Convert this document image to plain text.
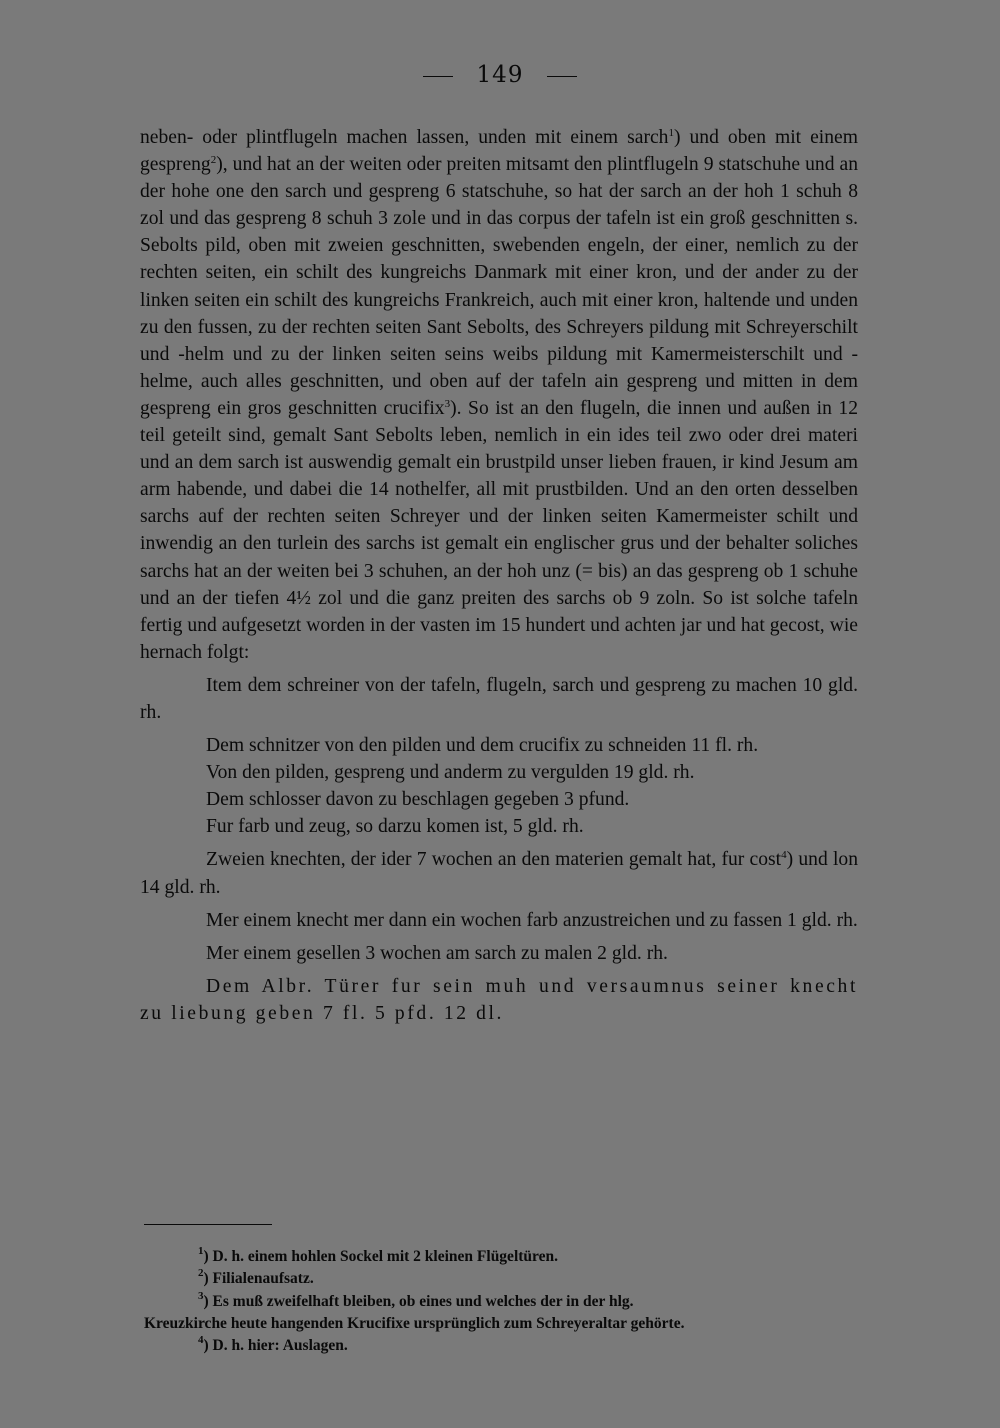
149

neben- oder plintflugeln machen lassen, unden mit einem sarch$^1$) und oben mit einem gespreng$^2$), und hat an der weiten oder preiten mitsamt den plintflugeln 9 statschuhe und an der hohe one den sarch und gespreng 6 statschuhe, so hat der sarch an der hoh 1 schuh 8 zol und das gespreng 8 schuh 3 zole und in das corpus der tafeln ist ein groß geschnitten s. Sebolts pild, oben mit zweien geschnitten, swebenden engeln, der einer, nemlich zu der rechten seiten, ein schilt des kungreichs Danmark mit einer kron, und der ander zu der linken seiten ein schilt des kungreichs Frankreich, auch mit einer kron, haltende und unden zu den fussen, zu der rechten seiten Sant Sebolts, des Schreyers pildung mit Schreyerschilt und -helm und zu der linken seiten seins weibs pildung mit Kamermeisterschilt und -helme, auch alles geschnitten, und oben auf der tafeln ain gespreng und mitten in dem gespreng ein gros geschnitten crucifix$^3$). So ist an den flugeln, die innen und außen in 12 teil geteilt sind, gemalt Sant Sebolts leben, nemlich in ein ides teil zwo oder drei materi und an dem sarch ist auswendig gemalt ein brustpild unser lieben frauen, ir kind Jesum am arm habende, und dabei die 14 nothelfer, all mit prustbilden. Und an den orten desselben sarchs auf der rechten seiten Schreyer und der linken seiten Kamermeister schilt und inwendig an den turlein des sarchs ist gemalt ein englischer grus und der behalter soliches sarchs hat an der weiten bei 3 schuhen, an der hoh unz (= bis) an das gespreng ob 1 schuhe und an der tiefen 4½ zol und die ganz preiten des sarchs ob 9 zoln. So ist solche tafeln fertig und aufgesetzt worden in der vasten im 15 hundert und achten jar und hat gecost, wie hernach folgt:

Item dem schreiner von der tafeln, flugeln, sarch und gespreng zu machen 10 gld. rh.

Dem schnitzer von den pilden und dem crucifix zu schneiden 11 fl. rh.

Von den pilden, gespreng und anderm zu vergulden 19 gld. rh.

Dem schlosser davon zu beschlagen gegeben 3 pfund.

Fur farb und zeug, so darzu komen ist, 5 gld. rh.

Zweien knechten, der ider 7 wochen an den materien gemalt hat, fur cost$^4$) und lon 14 gld. rh.

Mer einem knecht mer dann ein wochen farb anzustreichen und zu fassen 1 gld. rh.

Mer einem gesellen 3 wochen am sarch zu malen 2 gld. rh.

Dem Albr. Türer fur sein muh und versaumnus seiner knecht zu liebung geben 7 fl. 5 pfd. 12 dl.

$^1$) D. h. einem hohlen Sockel mit 2 kleinen Flügeltüren.

$^2$) Filialenaufsatz.

$^3$) Es muß zweifelhaft bleiben, ob eines und welches der in der hlg.

Kreuzkirche heute hangenden Krucifixe ursprünglich zum Schreyeraltar gehörte.

$^4$) D. h. hier: Auslagen.
